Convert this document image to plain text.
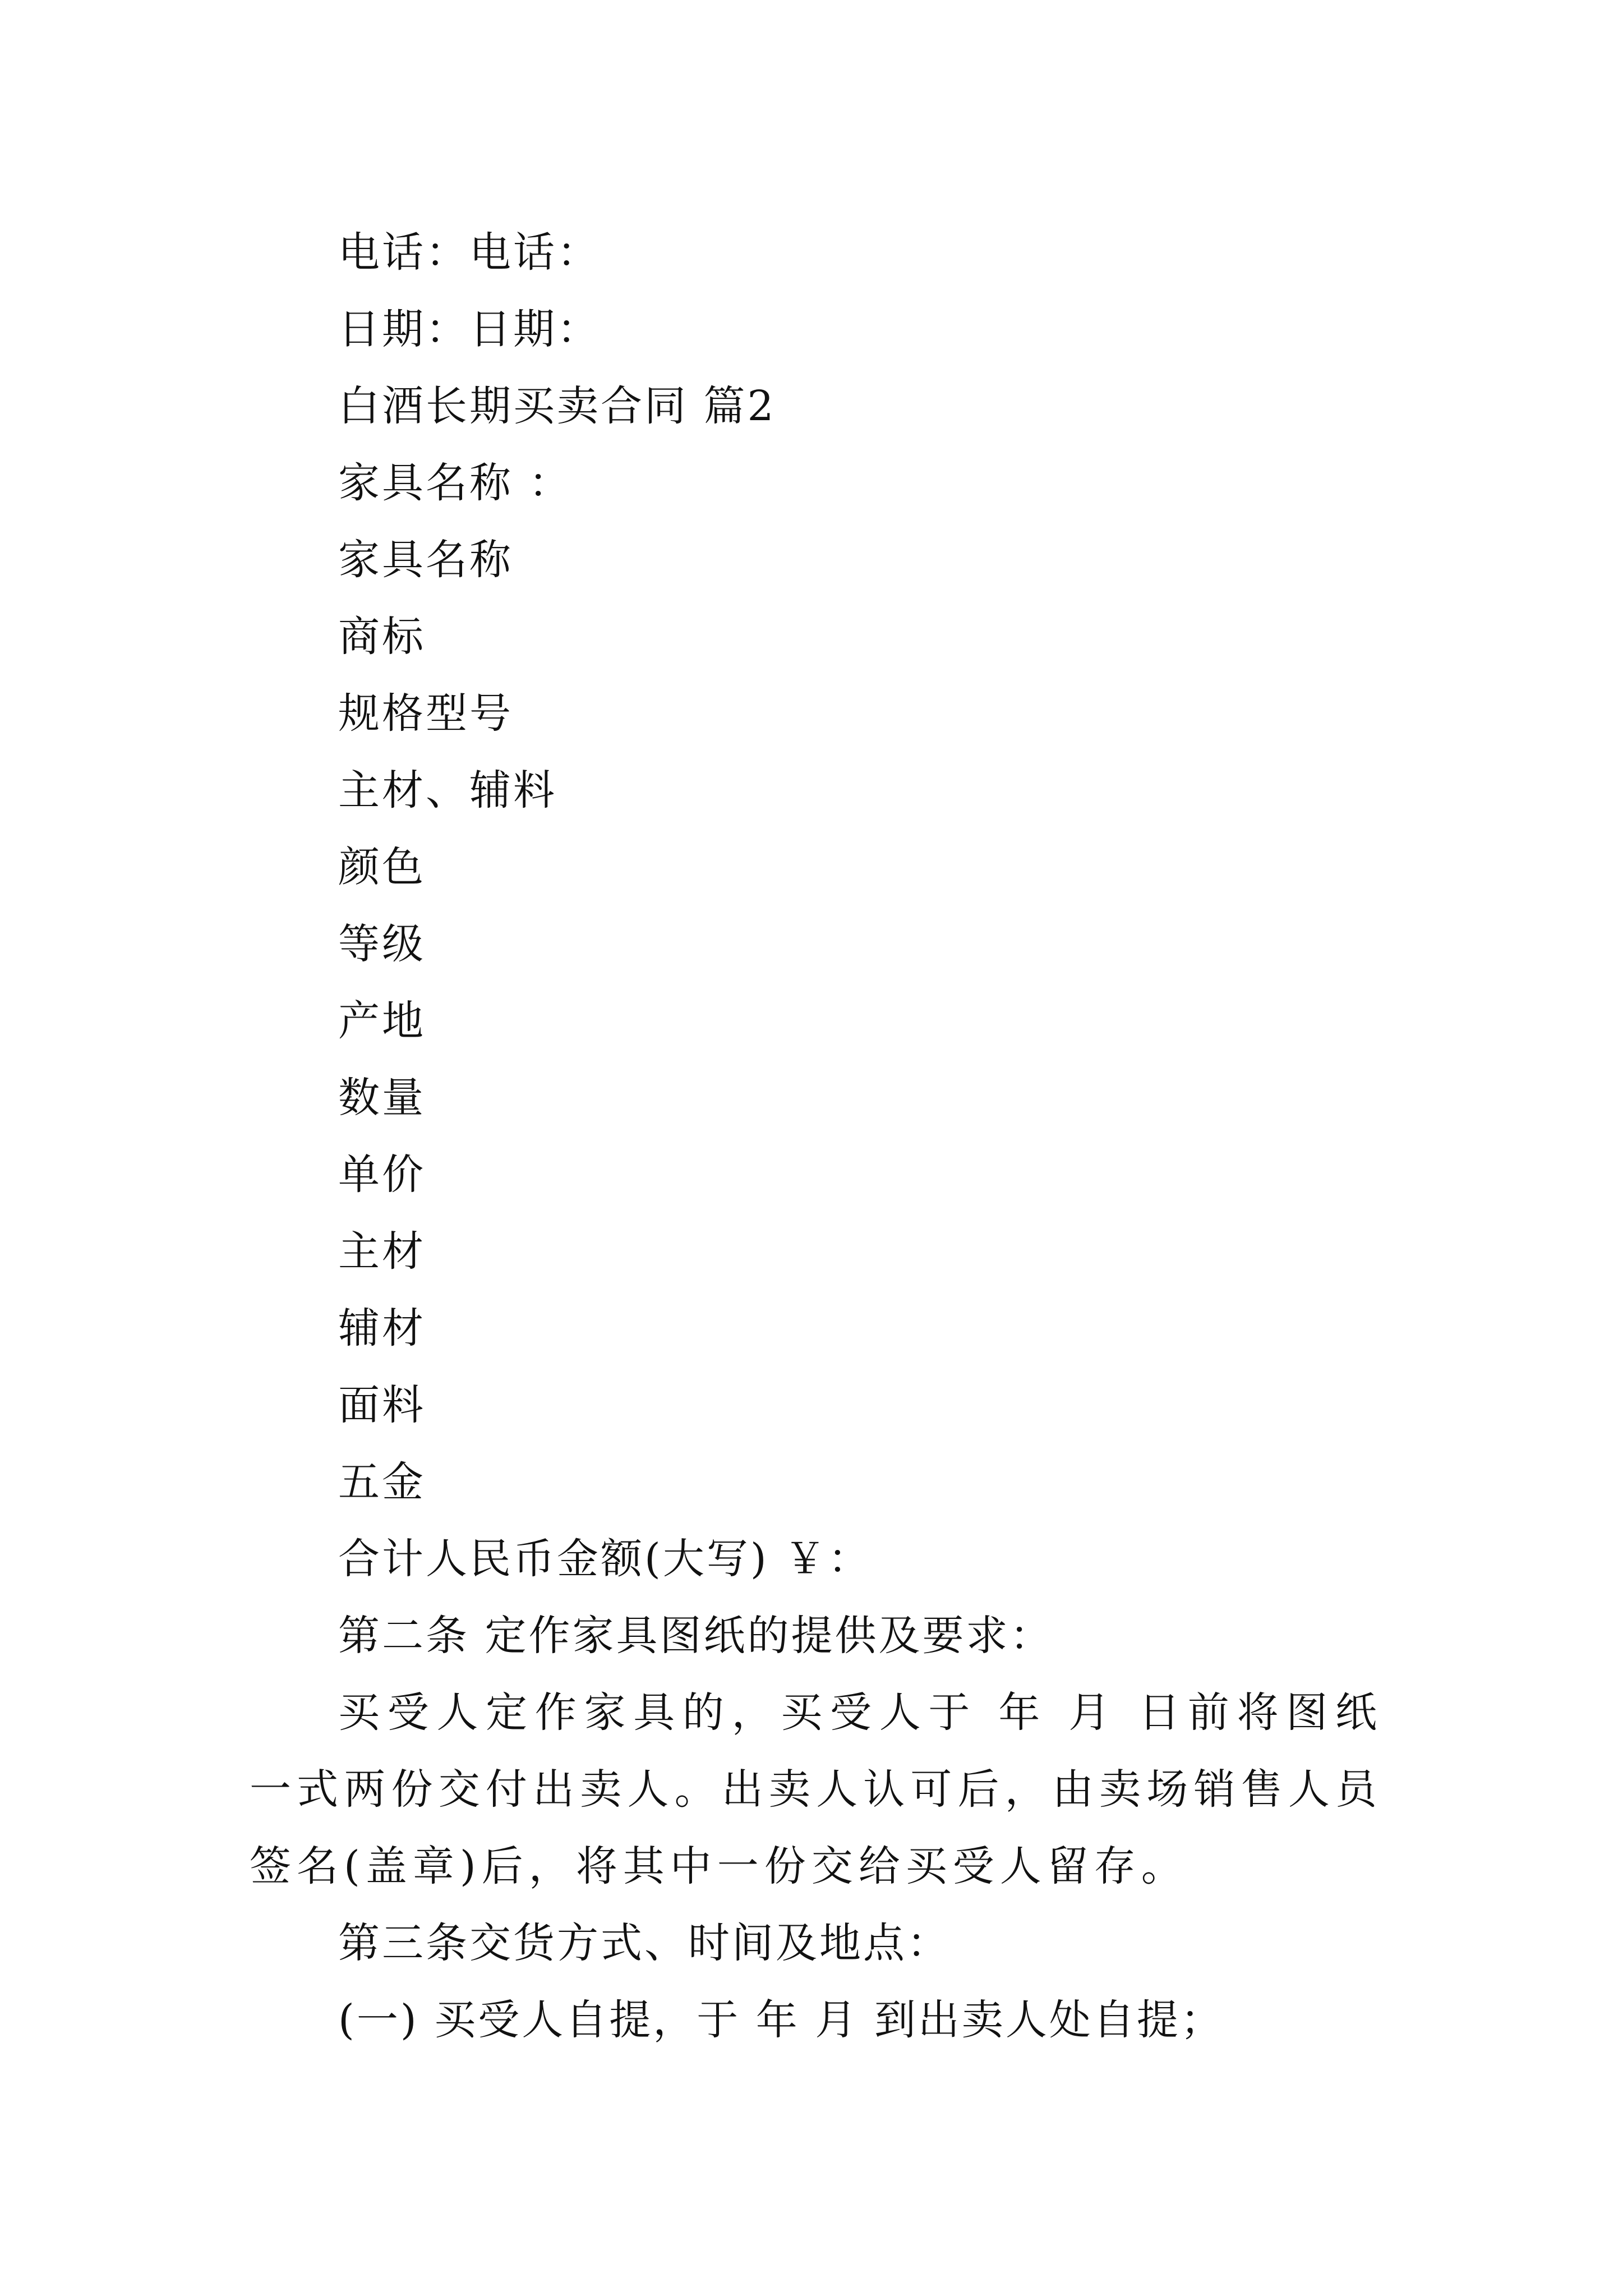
电话：电话：
日期：日期：
白酒长期买卖合同 篇2
家具名称 ：
家具名称
商标
规格型号
主材、辅料
颜色
等级
产地
数量
单价
主材
辅材
面料
五金
合计人民币金额(大写) ￥：
第二条 定作家具图纸的提供及要求：

买受人定作家具的，买受人于 年 月 日前将图纸一式两份交付出卖人。出卖人认可后，由卖场销售人员签名(盖章)后，将其中一份交给买受人留存。

第三条交货方式、时间及地点：
(一) 买受人自提，于 年 月 到出卖人处自提；
